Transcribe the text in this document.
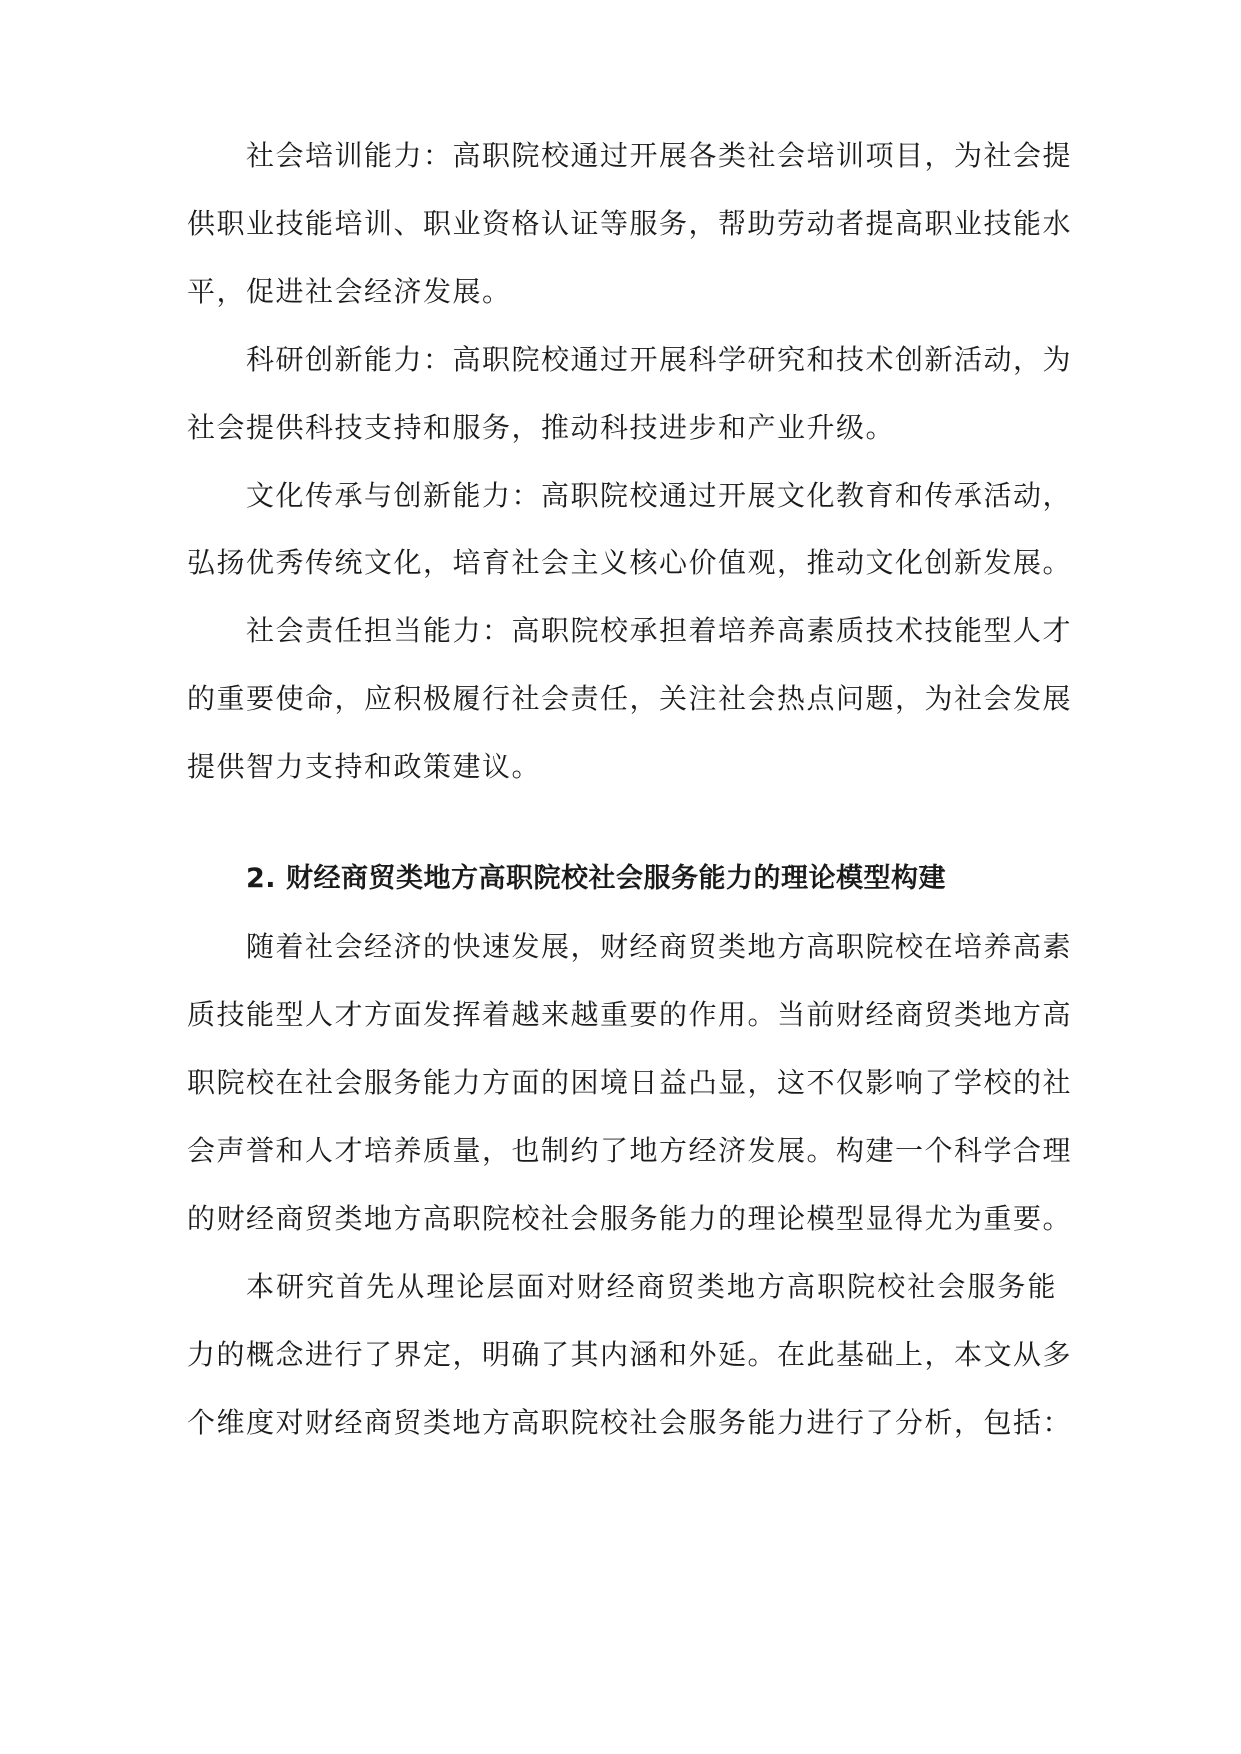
社会培训能力：高职院校通过开展各类社会培训项目，为社会提
供职业技能培训、职业资格认证等服务，帮助劳动者提高职业技能水
平，促进社会经济发展。
科研创新能力：高职院校通过开展科学研究和技术创新活动，为
社会提供科技支持和服务，推动科技进步和产业升级。
文化传承与创新能力：高职院校通过开展文化教育和传承活动，
弘扬优秀传统文化，培育社会主义核心价值观，推动文化创新发展。
社会责任担当能力：高职院校承担着培养高素质技术技能型人才
的重要使命，应积极履行社会责任，关注社会热点问题，为社会发展
提供智力支持和政策建议。
2. 财经商贸类地方高职院校社会服务能力的理论模型构建
随着社会经济的快速发展，财经商贸类地方高职院校在培养高素
质技能型人才方面发挥着越来越重要的作用。当前财经商贸类地方高
职院校在社会服务能力方面的困境日益凸显，这不仅影响了学校的社
会声誉和人才培养质量，也制约了地方经济发展。构建一个科学合理
的财经商贸类地方高职院校社会服务能力的理论模型显得尤为重要。
本研究首先从理论层面对财经商贸类地方高职院校社会服务能
力的概念进行了界定，明确了其内涵和外延。在此基础上，本文从多
个维度对财经商贸类地方高职院校社会服务能力进行了分析，包括：
